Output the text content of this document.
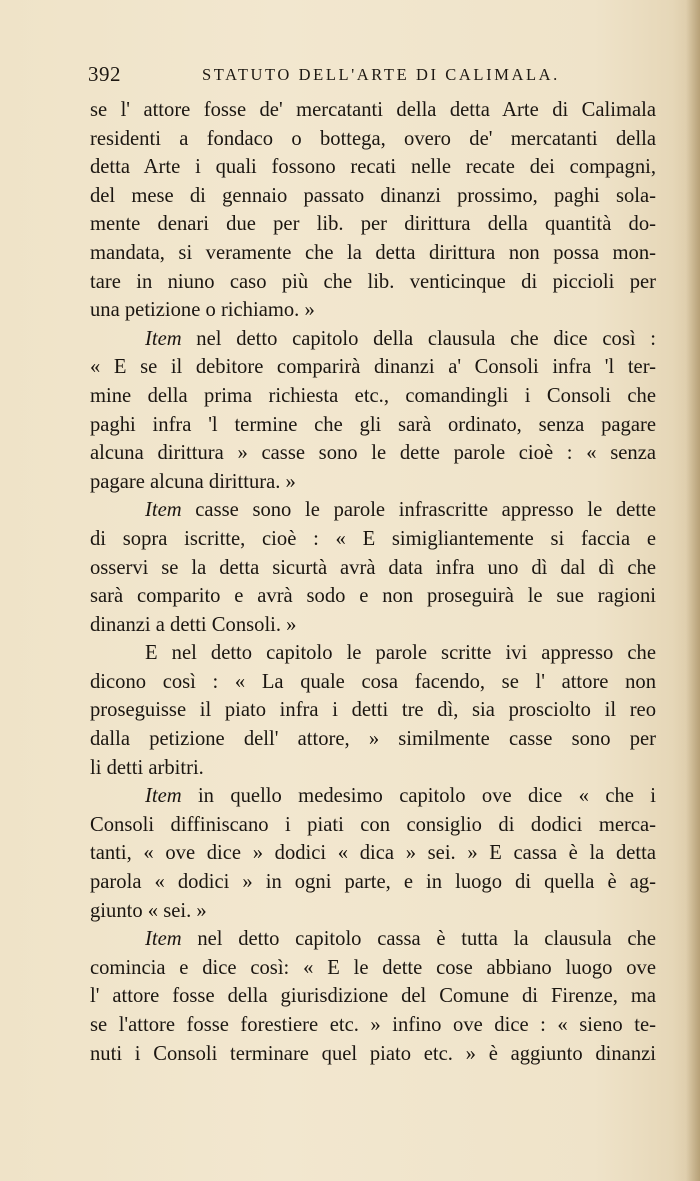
392	STATUTO DELL'ARTE DI CALIMALA.

se l' attore fosse de' mercatanti della detta Arte di Calimala
residenti a fondaco o bottega, overo de' mercatanti della
detta Arte i quali fossono recati nelle recate dei compagni,
del mese di gennaio passato dinanzi prossimo, paghi sola-
mente denari due per lib. per dirittura della quantità do-
mandata, si veramente che la detta dirittura non possa mon-
tare in niuno caso più che lib. venticinque di piccioli per
una petizione o richiamo. »

Item nel detto capitolo della clausula che dice così :
« E se il debitore comparirà dinanzi a' Consoli infra 'l ter-
mine della prima richiesta etc., comandingli i Consoli che
paghi infra 'l termine che gli sarà ordinato, senza pagare
alcuna dirittura » casse sono le dette parole cioè : « senza
pagare alcuna dirittura. »

Item casse sono le parole infrascritte appresso le dette
di sopra iscritte, cioè : « E simigliantemente si faccia e
osservi se la detta sicurtà avrà data infra uno dì dal dì che
sarà comparito e avrà sodo e non proseguirà le sue ragioni
dinanzi a detti Consoli. »

E nel detto capitolo le parole scritte ivi appresso che
dicono così : « La quale cosa facendo, se l' attore non
proseguisse il piato infra i detti tre dì, sia prosciolto il reo
dalla petizione dell' attore, » similmente casse sono per
li detti arbitri.

Item in quello medesimo capitolo ove dice « che i
Consoli diffiniscano i piati con consiglio di dodici merca-
tanti, « ove dice » dodici « dica » sei. » E cassa è la detta
parola « dodici » in ogni parte, e in luogo di quella è ag-
giunto « sei. »

Item nel detto capitolo cassa è tutta la clausula che
comincia e dice così: « E le dette cose abbiano luogo ove
l' attore fosse della giurisdizione del Comune di Firenze, ma
se l'attore fosse forestiere etc. » infino ove dice : « sieno te-
nuti i Consoli terminare quel piato etc. » è aggiunto dinanzi
